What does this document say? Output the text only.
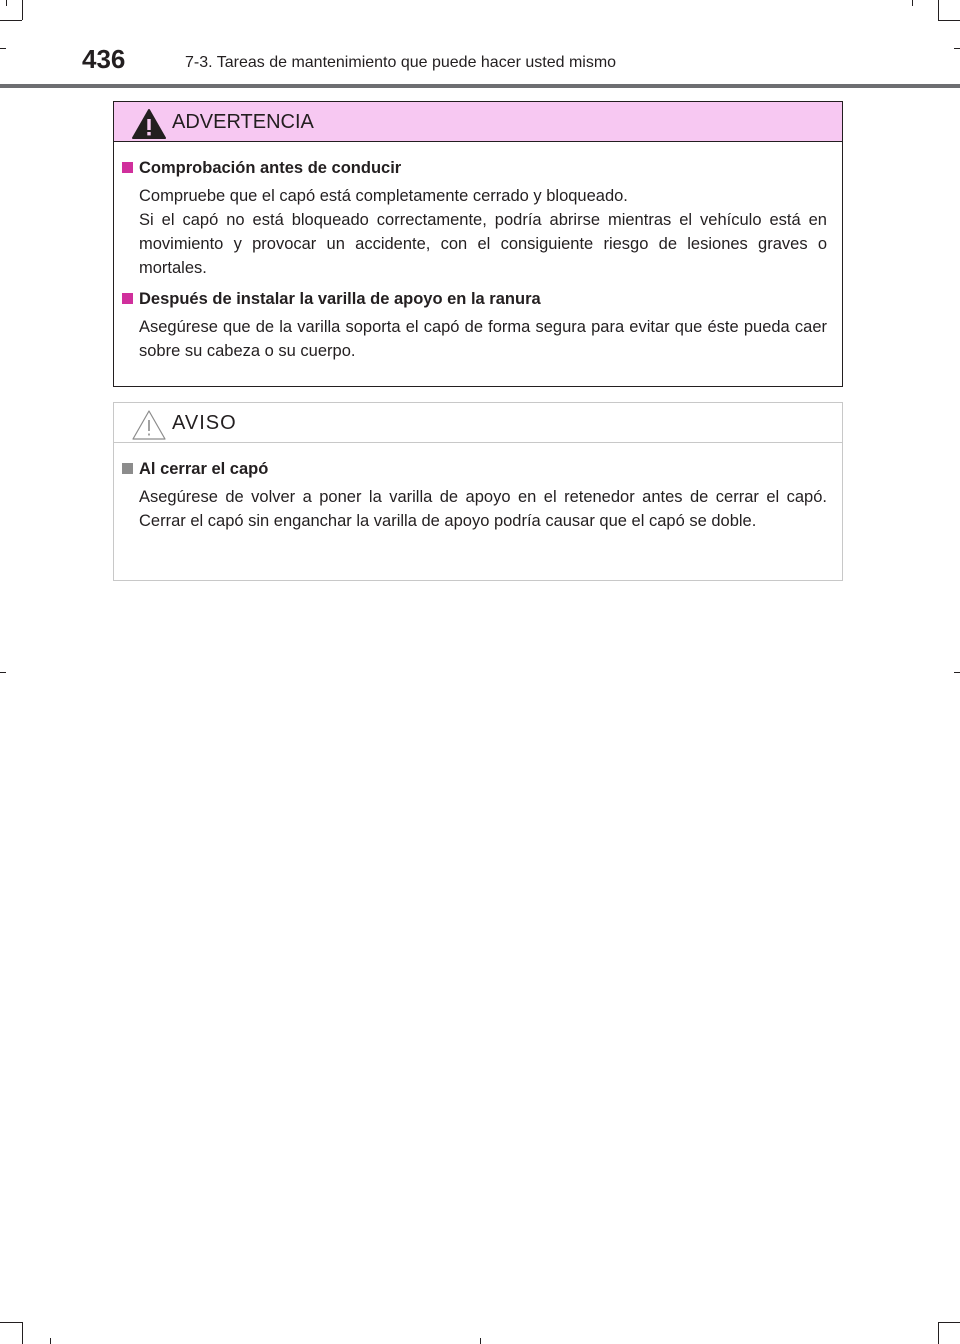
436	7-3. Tareas de mantenimiento que puede hacer usted mismo
ADVERTENCIA
Comprobación antes de conducir
Compruebe que el capó está completamente cerrado y bloqueado.
Si el capó no está bloqueado correctamente, podría abrirse mientras el vehículo está en movimiento y provocar un accidente, con el consiguiente riesgo de lesiones graves o mortales.
Después de instalar la varilla de apoyo en la ranura
Asegúrese que de la varilla soporta el capó de forma segura para evitar que éste pueda caer sobre su cabeza o su cuerpo.
AVISO
Al cerrar el capó
Asegúrese de volver a poner la varilla de apoyo en el retenedor antes de cerrar el capó. Cerrar el capó sin enganchar la varilla de apoyo podría causar que el capó se doble.
